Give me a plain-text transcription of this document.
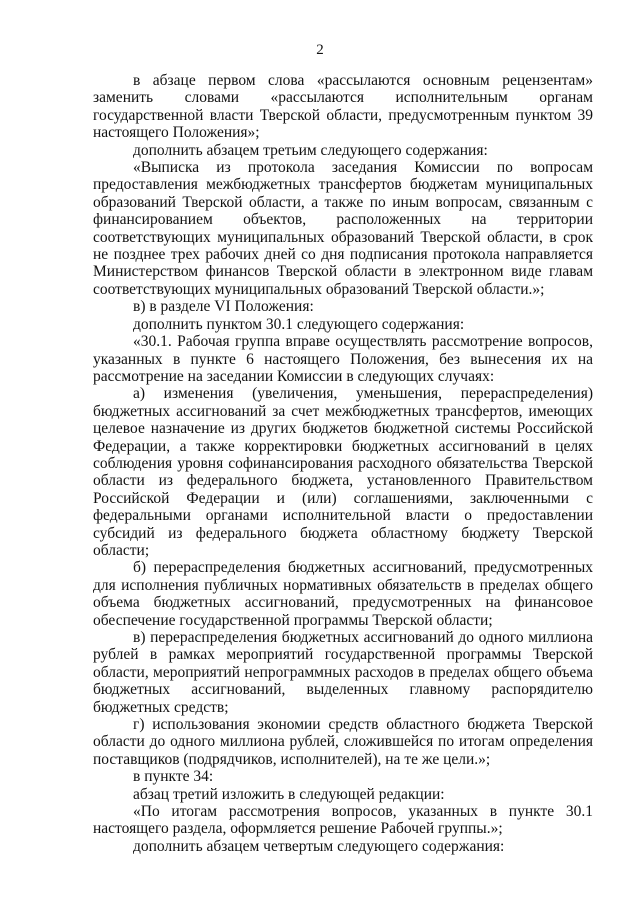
2

в абзаце первом слова «рассылаются основным рецензентам» заменить словами «рассылаются исполнительным органам государственной власти Тверской области, предусмотренным пунктом 39 настоящего Положения»;

дополнить абзацем третьим следующего содержания:

«Выписка из протокола заседания Комиссии по вопросам предоставления межбюджетных трансфертов бюджетам муниципальных образований Тверской области, а также по иным вопросам, связанным с финансированием объектов, расположенных на территории соответствующих муниципальных образований Тверской области, в срок не позднее трех рабочих дней со дня подписания протокола направляется Министерством финансов Тверской области в электронном виде главам соответствующих муниципальных образований Тверской области.»;

в) в разделе VI Положения:

дополнить пунктом 30.1 следующего содержания:

«30.1. Рабочая группа вправе осуществлять рассмотрение вопросов, указанных в пункте 6 настоящего Положения, без вынесения их на рассмотрение на заседании Комиссии в следующих случаях:

а) изменения (увеличения, уменьшения, перераспределения) бюджетных ассигнований за счет межбюджетных трансфертов, имеющих целевое назначение из других бюджетов бюджетной системы Российской Федерации, а также корректировки бюджетных ассигнований в целях соблюдения уровня софинансирования расходного обязательства Тверской области из федерального бюджета, установленного Правительством Российской Федерации и (или) соглашениями, заключенными с федеральными органами исполнительной власти о предоставлении субсидий из федерального бюджета областному бюджету Тверской области;

б) перераспределения бюджетных ассигнований, предусмотренных для исполнения публичных нормативных обязательств в пределах общего объема бюджетных ассигнований, предусмотренных на финансовое обеспечение государственной программы Тверской области;

в) перераспределения бюджетных ассигнований до одного миллиона рублей в рамках мероприятий государственной программы Тверской области, мероприятий непрограммных расходов в пределах общего объема бюджетных ассигнований, выделенных главному распорядителю бюджетных средств;

г) использования экономии средств областного бюджета Тверской области до одного миллиона рублей, сложившейся по итогам определения поставщиков (подрядчиков, исполнителей), на те же цели.»;

в пункте 34:

абзац третий изложить в следующей редакции:

«По итогам рассмотрения вопросов, указанных в пункте 30.1 настоящего раздела, оформляется решение Рабочей группы.»;

дополнить абзацем четвертым следующего содержания:
